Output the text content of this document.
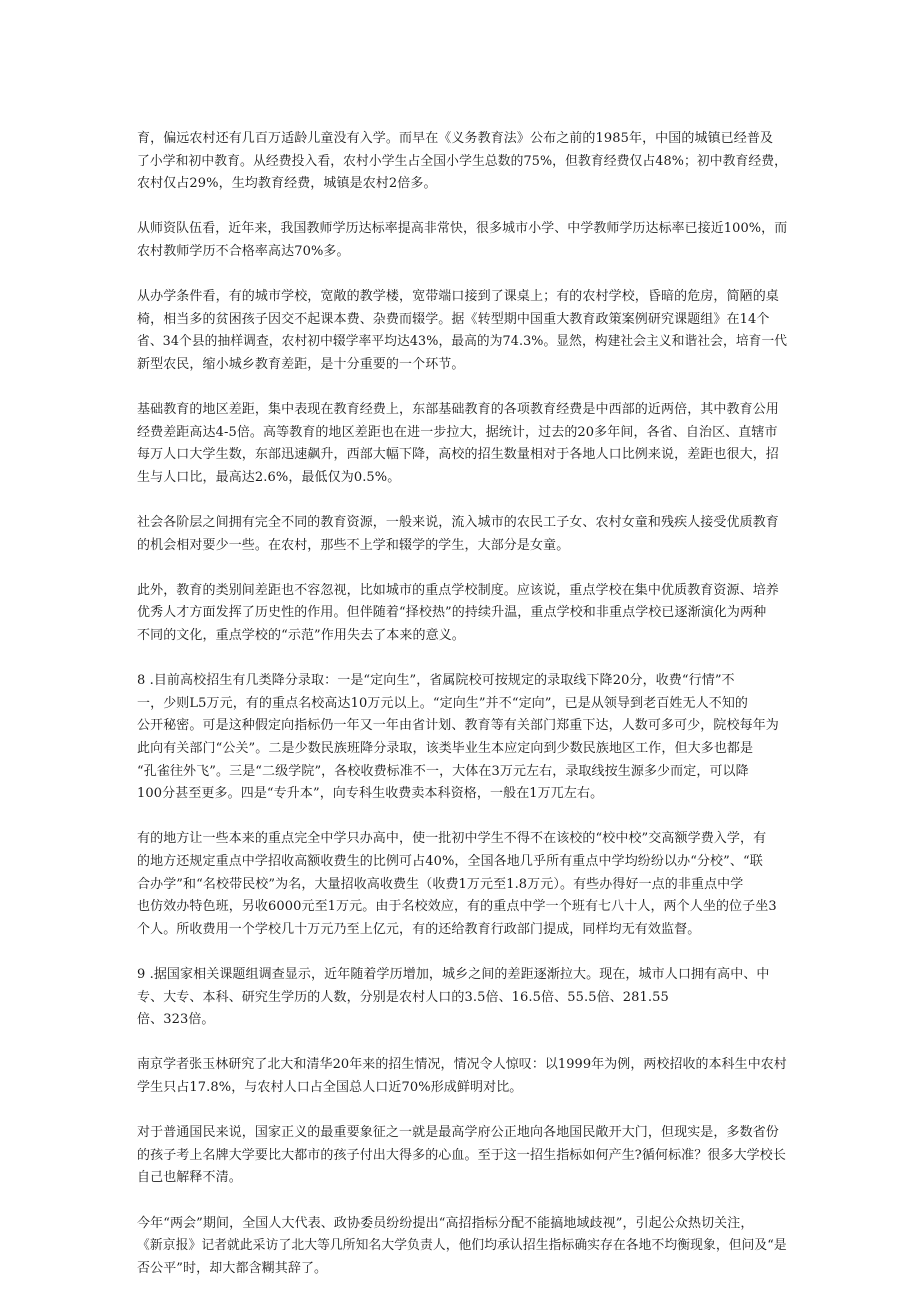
育，偏远农村还有几百万适龄儿童没有入学。而早在《义务教育法》公布之前的1985年，中国的城镇已经普及
了小学和初中教育。从经费投入看，农村小学生占全国小学生总数的75%，但教育经费仅占48%；初中教育经费，
农村仅占29%，生均教育经费，城镇是农村2倍多。
从师资队伍看，近年来，我国教师学历达标率提高非常快，很多城市小学、中学教师学历达标率已接近100%，而
农村教师学历不合格率高达70%多。
从办学条件看，有的城市学校，宽敞的教学楼，宽带端口接到了课桌上；有的农村学校，昏暗的危房，简陋的桌
椅，相当多的贫困孩子因交不起课本费、杂费而辍学。据《转型期中国重大教育政策案例研究课题组》在14个
省、34个县的抽样调查，农村初中辍学率平均达43%，最高的为74.3%。显然，构建社会主义和谐社会，培育一代
新型农民，缩小城乡教育差距，是十分重要的一个环节。
基础教育的地区差距，集中表现在教育经费上，东部基础教育的各项教育经费是中西部的近两倍，其中教育公用
经费差距高达4-5倍。高等教育的地区差距也在进一步拉大，据统计，过去的20多年间，各省、自治区、直辖市
每万人口大学生数，东部迅速飙升，西部大幅下降，高校的招生数量相对于各地人口比例来说，差距也很大，招
生与人口比，最高达2.6%，最低仅为0.5%。
社会各阶层之间拥有完全不同的教育资源，一般来说，流入城市的农民工子女、农村女童和残疾人接受优质教育
的机会相对要少一些。在农村，那些不上学和辍学的学生，大部分是女童。
此外，教育的类别间差距也不容忽视，比如城市的重点学校制度。应该说，重点学校在集中优质教育资源、培养
优秀人才方面发挥了历史性的作用。但伴随着“择校热”的持续升温，重点学校和非重点学校已逐渐演化为两种
不同的文化，重点学校的“示范”作用失去了本来的意义。
8 .目前高校招生有几类降分录取：一是“定向生”，省属院校可按规定的录取线下降20分，收费“行情”不
一，少则L5万元，有的重点名校高达10万元以上。“定向生”并不“定向”，已是从领导到老百姓无人不知的
公开秘密。可是这种假定向指标仍一年又一年由省计划、教育等有关部门郑重下达，人数可多可少，院校每年为
此向有关部门“公关”。二是少数民族班降分录取，该类毕业生本应定向到少数民族地区工作，但大多也都是
“孔雀往外飞”。三是“二级学院”，各校收费标准不一，大体在3万元左右，录取线按生源多少而定，可以降
100分甚至更多。四是“专升本”，向专科生收费卖本科资格，一般在1万兀左右。
有的地方让一些本来的重点完全中学只办高中，使一批初中学生不得不在该校的“校中校”交高额学费入学，有
的地方还规定重点中学招收高额收费生的比例可占40%，全国各地几乎所有重点中学均纷纷以办“分校”、“联
合办学”和“名校带民校”为名，大量招收高收费生（收费1万元至1.8万元）。有些办得好一点的非重点中学
也仿效办特色班，另收6000元至1万元。由于名校效应，有的重点中学一个班有七八十人，两个人坐的位子坐3
个人。所收费用一个学校几十万元乃至上亿元，有的还给教育行政部门提成，同样均无有效监督。
9 .据国家相关课题组调查显示，近年随着学历增加，城乡之间的差距逐渐拉大。现在，城市人口拥有高中、中
专、大专、本科、研究生学历的人数，分别是农村人口的3.5倍、16.5倍、55.5倍、281.55
倍、323倍。
南京学者张玉林研究了北大和清华20年来的招生情况，情况令人惊叹：以1999年为例，两校招收的本科生中农村
学生只占17.8%，与农村人口占全国总人口近70%形成鲜明对比。
对于普通国民来说，国家正义的最重要象征之一就是最高学府公正地向各地国民敞开大门，但现实是，多数省份
的孩子考上名牌大学要比大都市的孩子付出大得多的心血。至于这一招生指标如何产生?循何标准？很多大学校长
自己也解释不清。
今年“两会”期间，全国人大代表、政协委员纷纷提出“高招指标分配不能搞地域歧视”，引起公众热切关注，
《新京报》记者就此采访了北大等几所知名大学负责人，他们均承认招生指标确实存在各地不均衡现象，但问及“是
否公平”时，却大都含糊其辞了。
